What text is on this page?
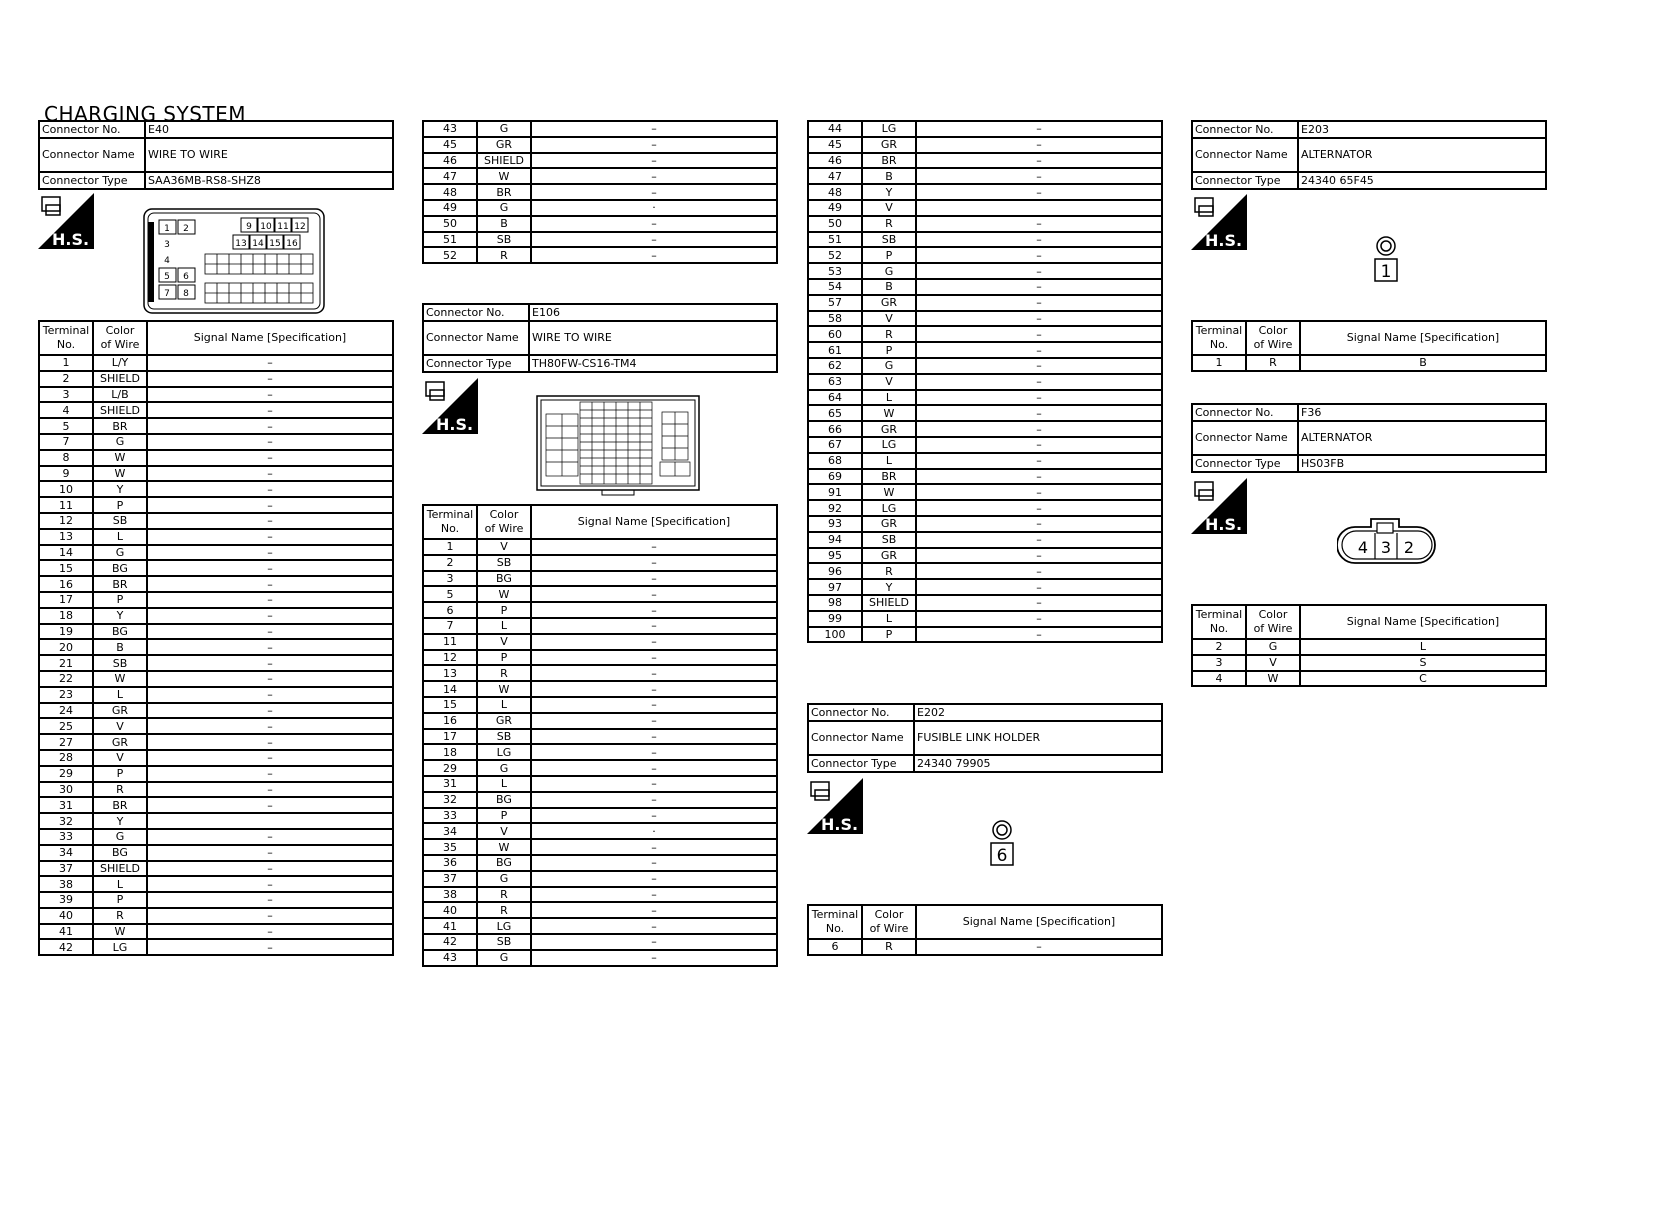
CHARGING SYSTEM
Connector No.	E40
Connector Name	WIRE TO WIRE
Connector Type	SAA36MB-RS8-SHZ8
H.S.
1 2
3
4
5 6
7 8
9 10 11 12
13 14 15 16
Terminal
No.	Color
of Wire	Signal Name [Specification]
1	L/Y	–
2	SHIELD	–
3	L/B	–
4	SHIELD	–
5	BR	–
7	G	–
8	W	–
9	W	–
10	Y	–
11	P	–
12	SB	–
13	L	–
14	G	–
15	BG	–
16	BR	–
17	P	–
18	Y	–
19	BG	–
20	B	–
21	SB	–
22	W	–
23	L	–
24	GR	–
25	V	–
27	GR	–
28	V	–
29	P	–
30	R	–
31	BR	–
32	Y	
33	G	–
34	BG	–
37	SHIELD	–
38	L	–
39	P	–
40	R	–
41	W	–
42	LG	–
43	G	–
45	GR	–
46	SHIELD	–
47	W	–
48	BR	–
49	G	·
50	B	–
51	SB	–
52	R	–
Connector No.	E106
Connector Name	WIRE TO WIRE
Connector Type	TH80FW-CS16-TM4
H.S.
Terminal
No.	Color
of Wire	Signal Name [Specification]
1	V	–
2	SB	–
3	BG	–
5	W	–
6	P	–
7	L	–
11	V	–
12	P	–
13	R	–
14	W	–
15	L	–
16	GR	–
17	SB	–
18	LG	–
29	G	–
31	L	–
32	BG	–
33	P	–
34	V	·
35	W	–
36	BG	–
37	G	–
38	R	–
40	R	–
41	LG	–
42	SB	–
43	G	–
44	LG	–
45	GR	–
46	BR	–
47	B	–
48	Y	–
49	V	
50	R	–
51	SB	–
52	P	–
53	G	–
54	B	–
57	GR	–
58	V	–
60	R	–
61	P	–
62	G	–
63	V	–
64	L	–
65	W	–
66	GR	–
67	LG	–
68	L	–
69	BR	–
91	W	–
92	LG	–
93	GR	–
94	SB	–
95	GR	–
96	R	–
97	Y	–
98	SHIELD	–
99	L	–
100	P	–
Connector No.	E202
Connector Name	FUSIBLE LINK HOLDER
Connector Type	24340 79905
H.S.
6
Terminal
No.	Color
of Wire	Signal Name [Specification]
6	R	–
Connector No.	E203
Connector Name	ALTERNATOR
Connector Type	24340 65F45
H.S.
1
Terminal
No.	Color
of Wire	Signal Name [Specification]
1	R	B
Connector No.	F36
Connector Name	ALTERNATOR
Connector Type	HS03FB
H.S.
4 3 2
Terminal
No.	Color
of Wire	Signal Name [Specification]
2	G	L
3	V	S
4	W	C
